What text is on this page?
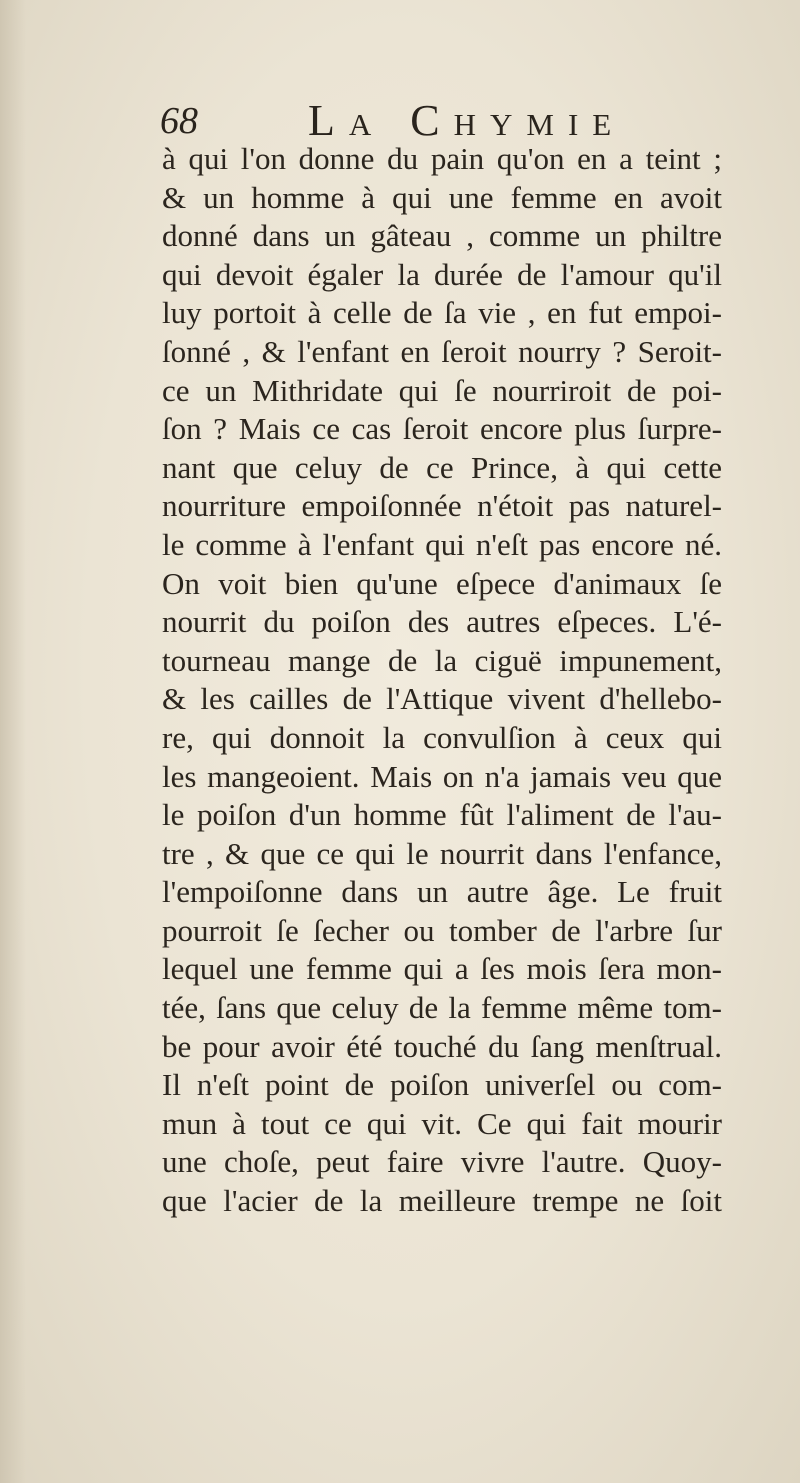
68	La Chymie
à qui l'on donne du pain qu'on en a teint ;
& un homme à qui une femme en avoit
donné dans un gâteau , comme un philtre
qui devoit égaler la durée de l'amour qu'il
luy portoit à celle de ſa vie , en fut empoi-
ſonné , & l'enfant en ſeroit nourry ? Seroit-
ce un Mithridate qui ſe nourriroit de poi-
ſon ? Mais ce cas ſeroit encore plus ſurpre-
nant que celuy de ce Prince, à qui cette
nourriture empoiſonnée n'étoit pas naturel-
le comme à l'enfant qui n'eſt pas encore né.
On voit bien qu'une eſpece d'animaux ſe
nourrit du poiſon des autres eſpeces. L'é-
tourneau mange de la ciguë impunement,
& les cailles de l'Attique vivent d'hellebo-
re, qui donnoit la convulſion à ceux qui
les mangeoient. Mais on n'a jamais veu que
le poiſon d'un homme fût l'aliment de l'au-
tre , & que ce qui le nourrit dans l'enfance,
l'empoiſonne dans un autre âge. Le fruit
pourroit ſe ſecher ou tomber de l'arbre ſur
lequel une femme qui a ſes mois ſera mon-
tée, ſans que celuy de la femme même tom-
be pour avoir été touché du ſang menſtrual.
Il n'eſt point de poiſon univerſel ou com-
mun à tout ce qui vit. Ce qui fait mourir
une choſe, peut faire vivre l'autre. Quoy-
que l'acier de la meilleure trempe ne ſoit
